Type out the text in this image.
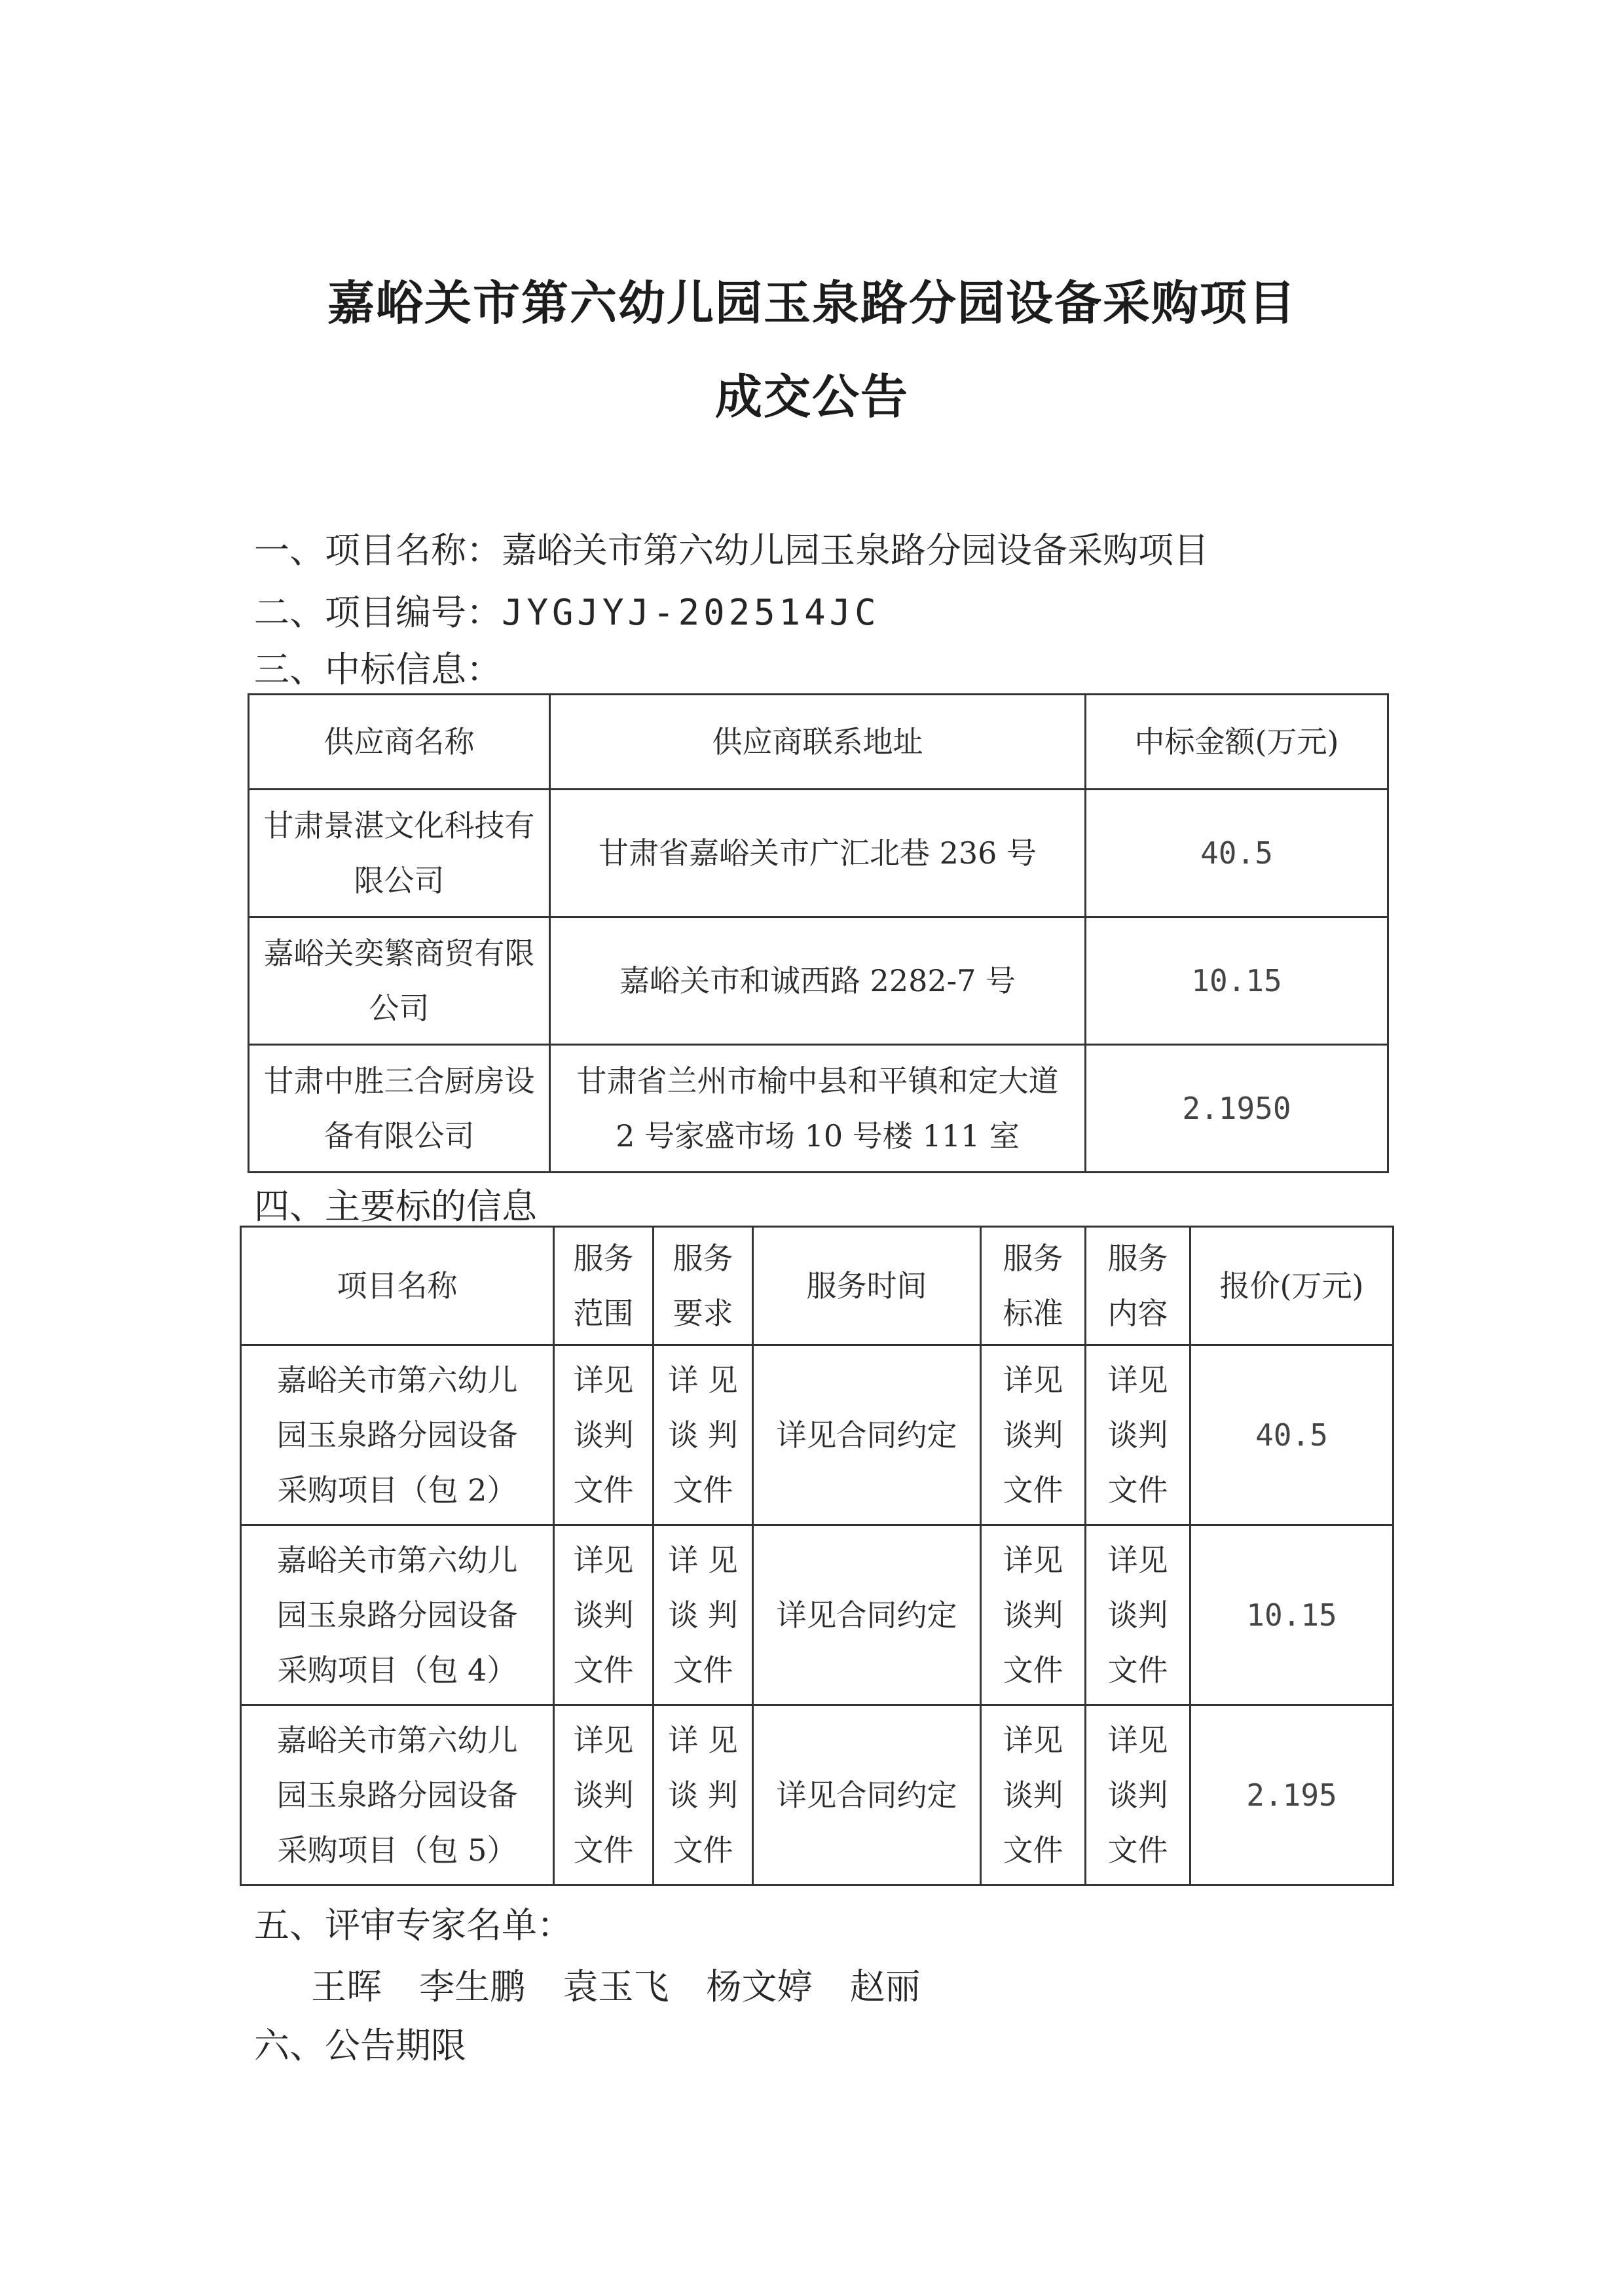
嘉峪关市第六幼儿园玉泉路分园设备采购项目
成交公告
一、项目名称：嘉峪关市第六幼儿园玉泉路分园设备采购项目
二、项目编号：JYGJYJ-202514JC
三、中标信息：
供应商名称	供应商联系地址	中标金额(万元)
甘肃景湛文化科技有
限公司	甘肃省嘉峪关市广汇北巷 236 号	40.5
嘉峪关奕繁商贸有限
公司	嘉峪关市和诚西路 2282-7 号	10.15
甘肃中胜三合厨房设
备有限公司	甘肃省兰州市榆中县和平镇和定大道
2 号家盛市场 10 号楼 111 室	2.1950
四、主要标的信息
项目名称	服务
范围	服务
要求	服务时间	服务
标准	服务
内容	报价(万元)
嘉峪关市第六幼儿
园玉泉路分园设备
采购项目（包 2）	详见
谈判
文件	详 见
谈 判
文件	详见合同约定	详见
谈判
文件	详见
谈判
文件	40.5
嘉峪关市第六幼儿
园玉泉路分园设备
采购项目（包 4）	详见
谈判
文件	详 见
谈 判
文件	详见合同约定	详见
谈判
文件	详见
谈判
文件	10.15
嘉峪关市第六幼儿
园玉泉路分园设备
采购项目（包 5）	详见
谈判
文件	详 见
谈 判
文件	详见合同约定	详见
谈判
文件	详见
谈判
文件	2.195
五、评审专家名单：
王晖 李生鹏 袁玉飞 杨文婷 赵丽
六、公告期限
